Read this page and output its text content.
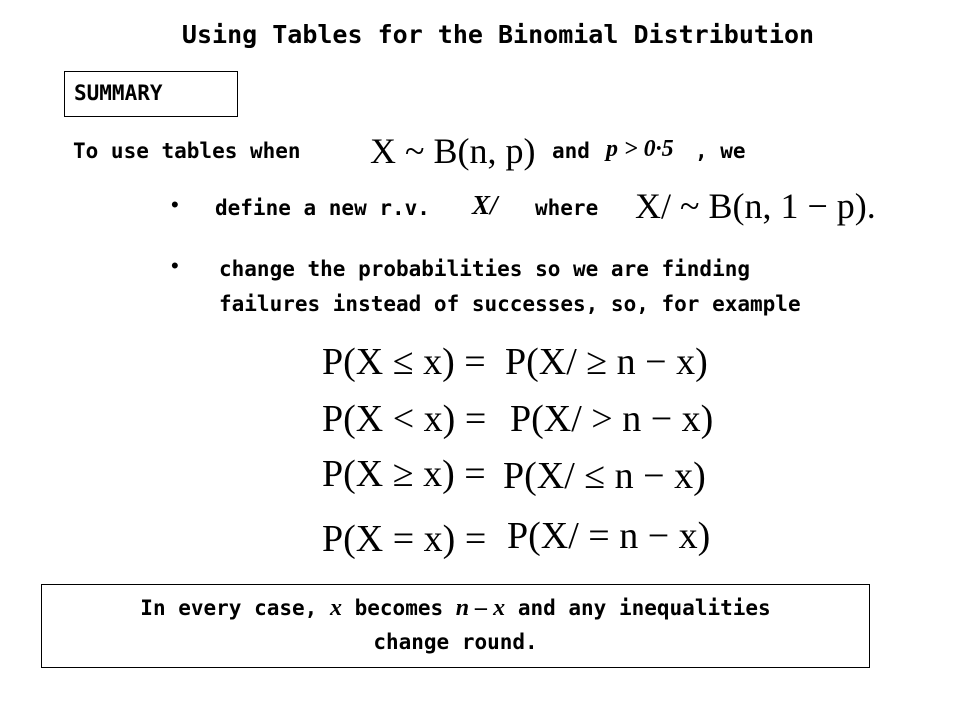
Using Tables for the Binomial Distribution
SUMMARY
To use tables when X ~ B(n, p) and p > 0·5 , we
• define a new r.v. X/ where X/ ~ B(n, 1 − p).
• change the probabilities so we are finding
failures instead of successes, so, for example
P(X ≤ x) = P(X/ ≥ n − x)
P(X < x) = P(X/ > n − x)
P(X ≥ x) = P(X/ ≤ n − x)
P(X = x) = P(X/ = n − x)
In every case, x becomes n – x and any inequalities
change round.
